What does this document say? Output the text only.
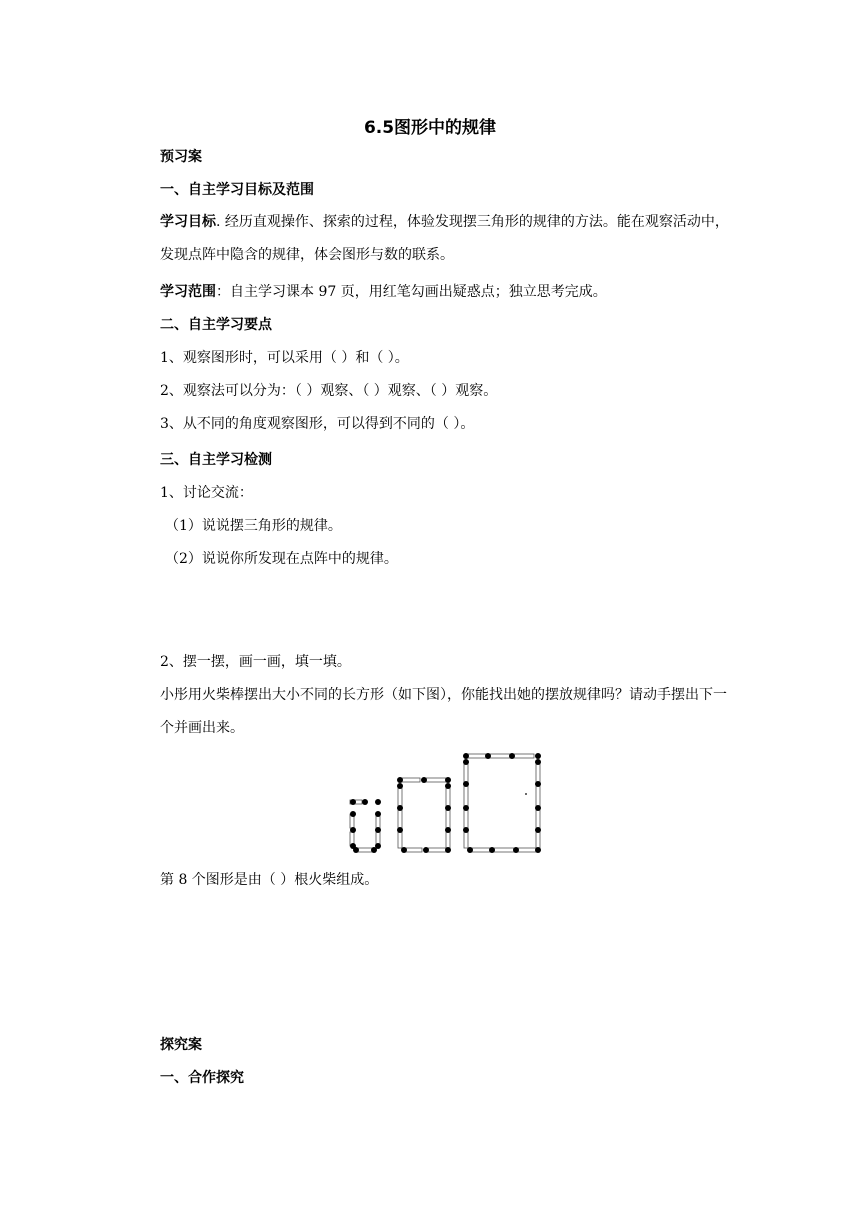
6.5图形中的规律
预习案
一、自主学习目标及范围
学习目标. 经历直观操作、探索的过程，体验发现摆三角形的规律的方法。能在观察活动中，发现点阵中隐含的规律，体会图形与数的联系。
学习范围：自主学习课本 97 页，用红笔勾画出疑惑点；独立思考完成。
二、自主学习要点
1、观察图形时，可以采用（ ）和（ ）。
2、观察法可以分为：（ ）观察、（ ）观察、（ ）观察。
3、从不同的角度观察图形，可以得到不同的（ ）。
三、自主学习检测
1、讨论交流：
（1）说说摆三角形的规律。
（2）说说你所发现在点阵中的规律。
2、摆一摆，画一画，填一填。
小彤用火柴棒摆出大小不同的长方形（如下图），你能找出她的摆放规律吗？请动手摆出下一个并画出来。
第 8 个图形是由（ ）根火柴组成。
探究案
一、合作探究
